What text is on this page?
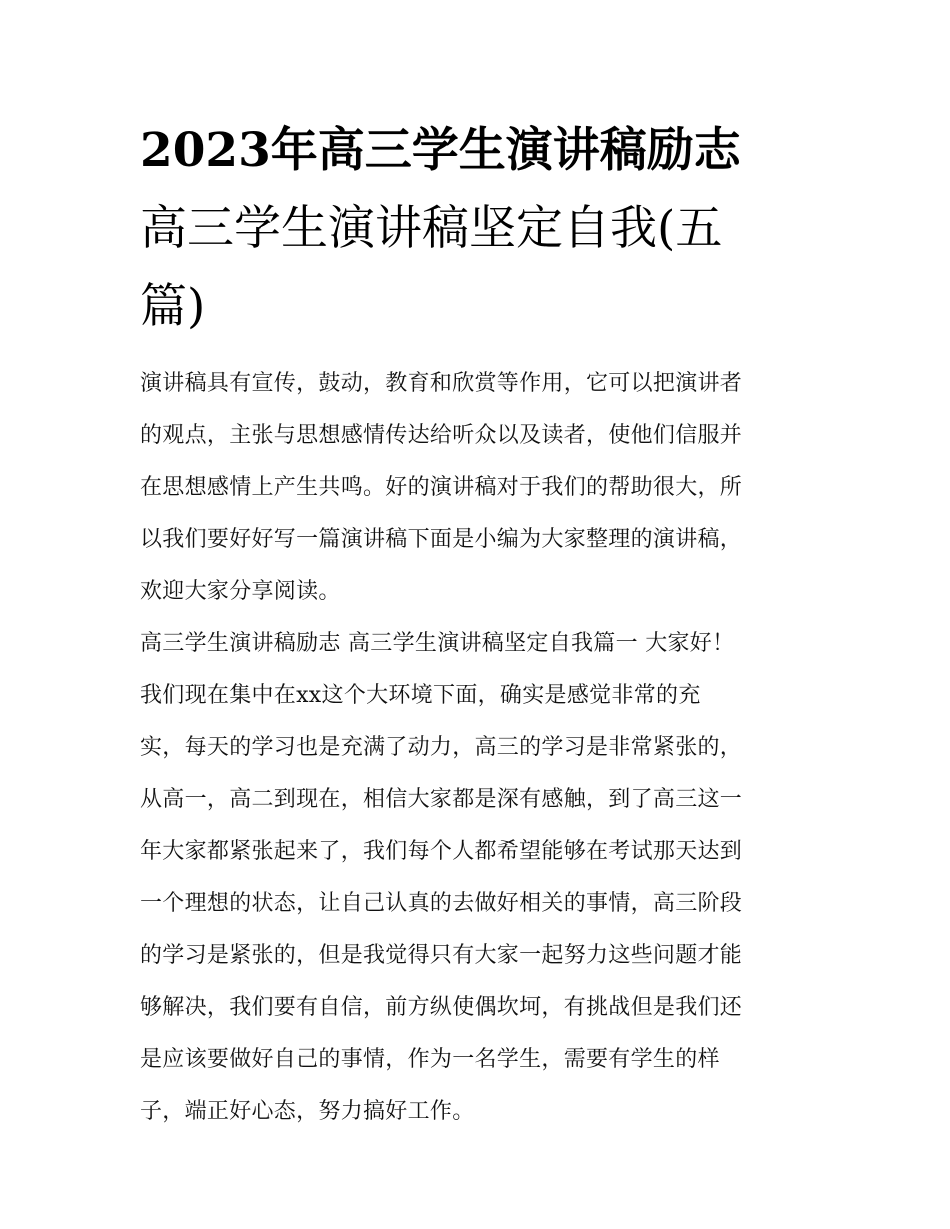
2023年高三学生演讲稿励志
高三学生演讲稿坚定自我(五
篇)
演讲稿具有宣传，鼓动，教育和欣赏等作用，它可以把演讲者
的观点，主张与思想感情传达给听众以及读者，使他们信服并
在思想感情上产生共鸣。好的演讲稿对于我们的帮助很大，所
以我们要好好写一篇演讲稿下面是小编为大家整理的演讲稿，
欢迎大家分享阅读。
高三学生演讲稿励志 高三学生演讲稿坚定自我篇一 大家好！
我们现在集中在xx这个大环境下面，确实是感觉非常的充
实，每天的学习也是充满了动力，高三的学习是非常紧张的，
从高一，高二到现在，相信大家都是深有感触，到了高三这一
年大家都紧张起来了，我们每个人都希望能够在考试那天达到
一个理想的状态，让自己认真的去做好相关的事情，高三阶段
的学习是紧张的，但是我觉得只有大家一起努力这些问题才能
够解决，我们要有自信，前方纵使偶坎坷，有挑战但是我们还
是应该要做好自己的事情，作为一名学生，需要有学生的样
子，端正好心态，努力搞好工作。
